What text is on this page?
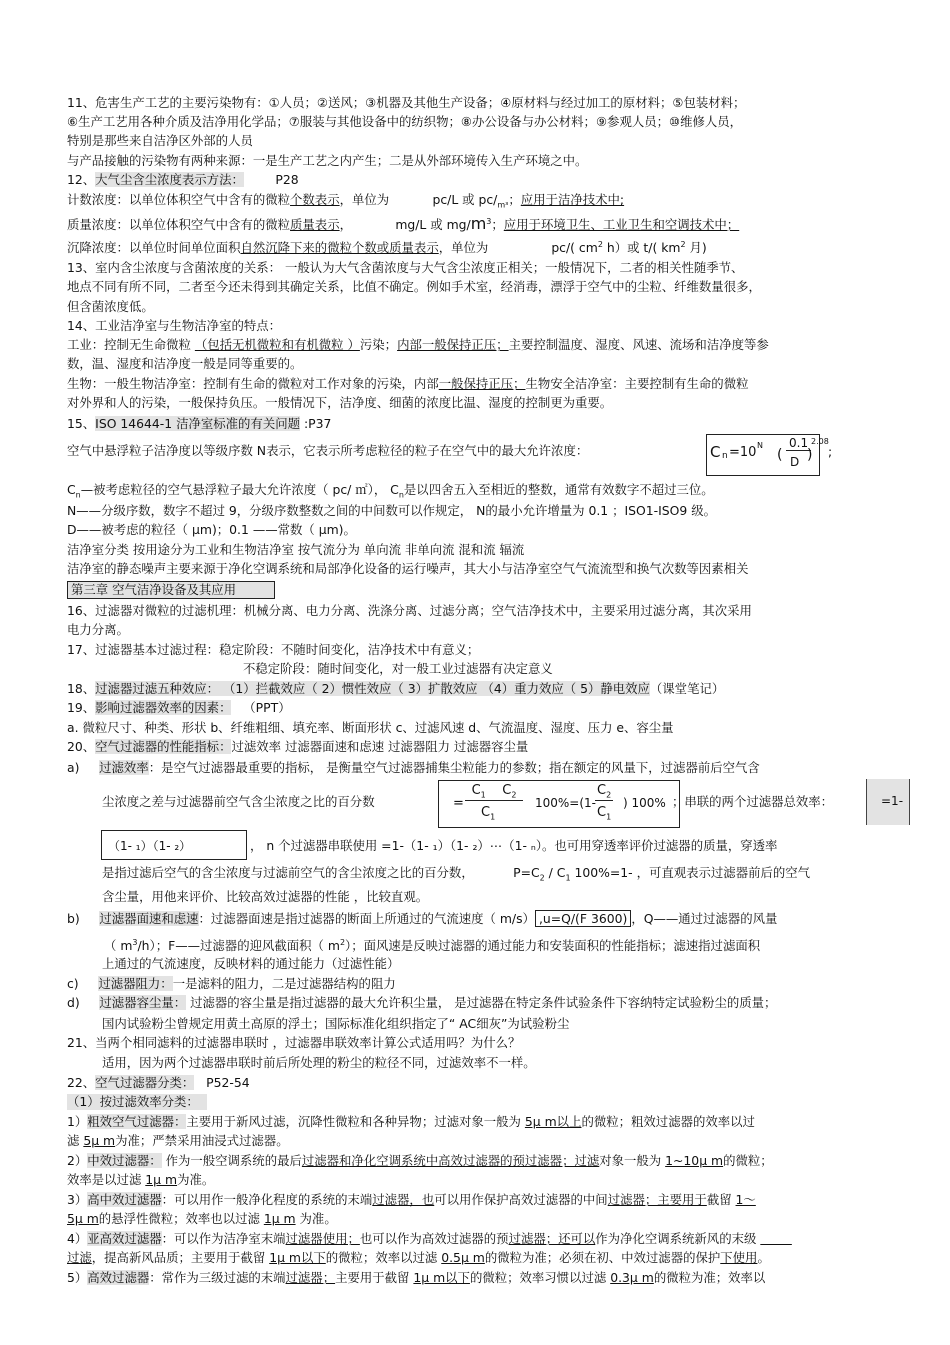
11、危害生产工艺的主要污染物有：①人员；②送风；③机器及其他生产设备；④原材料与经过加工的原材料；⑤包装材料；
⑥生产工艺用各种介质及洁净用化学品；⑦服装与其他设备中的纺织物；⑧办公设备与办公材料；⑨参观人员；⑩维修人员，
特别是那些来自洁净区外部的人员
与产品接触的污染物有两种来源：一是生产工艺之内产生；二是从外部环境传入生产环境之中。
12、大气尘含尘浓度表示方法：	P28
计数浓度：以单位体积空气中含有的微粒个数表示，单位为	pc/L 或 $pc/_{m^3}$；应用于洁净技术中;
质量浓度：以单位体积空气中含有的微粒质量表示，	mg/L 或 $mg/m^3$；应用于环境卫生、工业卫生和空调技术中；
沉降浓度：以单位时间单位面积自然沉降下来的微粒个数或质量表示，单位为	pc/( $cm^2$ h）或 t/( $km^2$ 月)
13、室内含尘浓度与含菌浓度的关系： 一般认为大气含菌浓度与大气含尘浓度正相关；一般情况下，二者的相关性随季节、
地点不同有所不同，二者至今还未得到其确定关系，比值不确定。例如手术室，经消毒，漂浮于空气中的尘粒、纤维数量很多，
但含菌浓度低。
14、工业洁净室与生物洁净室的特点：
工业：控制无生命微粒 （包括无机微粒和有机微粒 ）污染；内部一般保持正压；主要控制温度、湿度、风速、流场和洁净度等参
数，温、湿度和洁净度一般是同等重要的。
生物：一般生物洁净室：控制有生命的微粒对工作对象的污染，内部一般保持正压；生物安全洁净室：主要控制有生命的微粒
对外界和人的污染，一般保持负压。一般情况下，洁净度、细菌的浓度比温、湿度的控制更为重要。
15、ISO 14644-1 洁净室标准的有关问题 :P37
空气中悬浮粒子洁净度以等级序数 N表示，它表示所考虑粒径的粒子在空气中的最大允许浓度：	C n =10 N
(
0.1
D )
2.08
;
$C_n—$被考虑粒径的空气悬浮粒子最大允许浓度（ pc/ ㎡）， $C_n$是以四舍五入至相近的整数，通常有效数字不超过三位。
N——分级序数，数字不超过 9，分级序数整数之间的中间数可以作规定， N的最小允许增量为 0.1 ；ISO1-ISO9 级。
D——被考虑的粒径（ μm)；0.1 ——常数（ μm)。
洁净室分类 按用途分为工业和生物洁净室 按气流分为 单向流 非单向流 混和流 辐流
洁净室的静态噪声主要来源于净化空调系统和局部净化设备的运行噪声，其大小与洁净室空气气流流型和换气次数等因素相关
第三章 空气洁净设备及其应用
16、过滤器对微粒的过滤机理：机械分离、电力分离、洗涤分离、过滤分离；空气洁净技术中，主要采用过滤分离，其次采用
电力分离。
17、过滤器基本过滤过程：稳定阶段：不随时间变化，洁净技术中有意义；
不稳定阶段：随时间变化，对一般工业过滤器有决定意义
18、过滤器过滤五种效应： （1）拦截效应（ 2）惯性效应（ 3）扩散效应 （4）重力效应（ 5）静电效应（课堂笔记）
19、影响过滤器效率的因素： （PPT）
a. 微粒尺寸、种类、形状 b、纤维粗细、填充率、断面形状 c、过滤风速 d、气流温度、湿度、压力 e、容尘量
20、空气过滤器的性能指标：过滤效率 过滤器面速和虑速 过滤器阻力 过滤器容尘量
a) 过滤效率：是空气过滤器最重要的指标， 是衡量空气过滤器捕集尘粒能力的参数；指在额定的风量下，过滤器前后空气含
尘浓度之差与过滤器前空气含尘浓度之比的百分数	=
$C_1$ $C_2$
$C_1$
100%=(1-
$C_2$
$C_1$
) 100% ；串联的两个过滤器总效率：	=1-
（1- ₁）（1- ₂）	， n 个过滤器串联使用 =1-（1- ₁）（1- ₂）⋯（1- ₙ）。也可用穿透率评价过滤器的质量，穿透率
是指过滤后空气的含尘浓度与过滤前空气的含尘浓度之比的百分数，	$P=C_2 / C_1$ 100%=1- ，可直观表示过滤器前后的空气
含尘量，用他来评价、比较高效过滤器的性能 ，比较直观。
b) 过滤器面速和虑速：过滤器面速是指过滤器的断面上所通过的气流速度（ m/s） ,u=Q/(F 3600) ，Q——通过过滤器的风量
（ $m^3/h$）；F——过滤器的迎风截面积（ $m^2$）；面风速是反映过滤器的通过能力和安装面积的性能指标；滤速指过滤面积
上通过的气流速度，反映材料的通过能力（过滤性能）
c) 过滤器阻力：一是滤料的阻力，二是过滤器结构的阻力
d) 过滤器容尘量： 过滤器的容尘量是指过滤器的最大允许积尘量， 是过滤器在特定条件试验条件下容纳特定试验粉尘的质量；
国内试验粉尘曾规定用黄土高原的浮土；国际标准化组织指定了“ AC细灰”为试验粉尘
21、当两个相同滤料的过滤器串联时 ，过滤器串联效率计算公式适用吗？为什么？
适用，因为两个过滤器串联时前后所处理的粉尘的粒径不同，过滤效率不一样。
22、空气过滤器分类： P52-54
（1）按过滤效率分类：
1）粗效空气过滤器：主要用于新风过滤，沉降性微粒和各种异物；过滤对象一般为 5μ m以上的微粒；粗效过滤器的效率以过
滤 5μ m为准；严禁采用油浸式过滤器。
2）中效过滤器： 作为一般空调系统的最后过滤器和净化空调系统中高效过滤器的预过滤器；过滤对象一般为 1~10μ m的微粒；
效率是以过滤 1μ m为准。
3）高中效过滤器：可以用作一般净化程度的系统的末端过滤器，也可以用作保护高效过滤器的中间过滤器；主要用于截留 1～
5μ m的悬浮性微粒；效率也以过滤 1μ m 为准。
4）亚高效过滤器：可以作为洁净室末端过滤器使用；也可以作为高效过滤器的预过滤器；还可以作为净化空调系统新风的末级
过滤，提高新风品质；主要用于截留 1μ m以下的微粒；效率以过滤 0.5μ m的微粒为准；必须在初、中效过滤器的保护下使用。
5）高效过滤器：常作为三级过滤的末端过滤器；主要用于截留 1μ m以下的微粒；效率习惯以过滤 0.3μ m的微粒为准；效率以
